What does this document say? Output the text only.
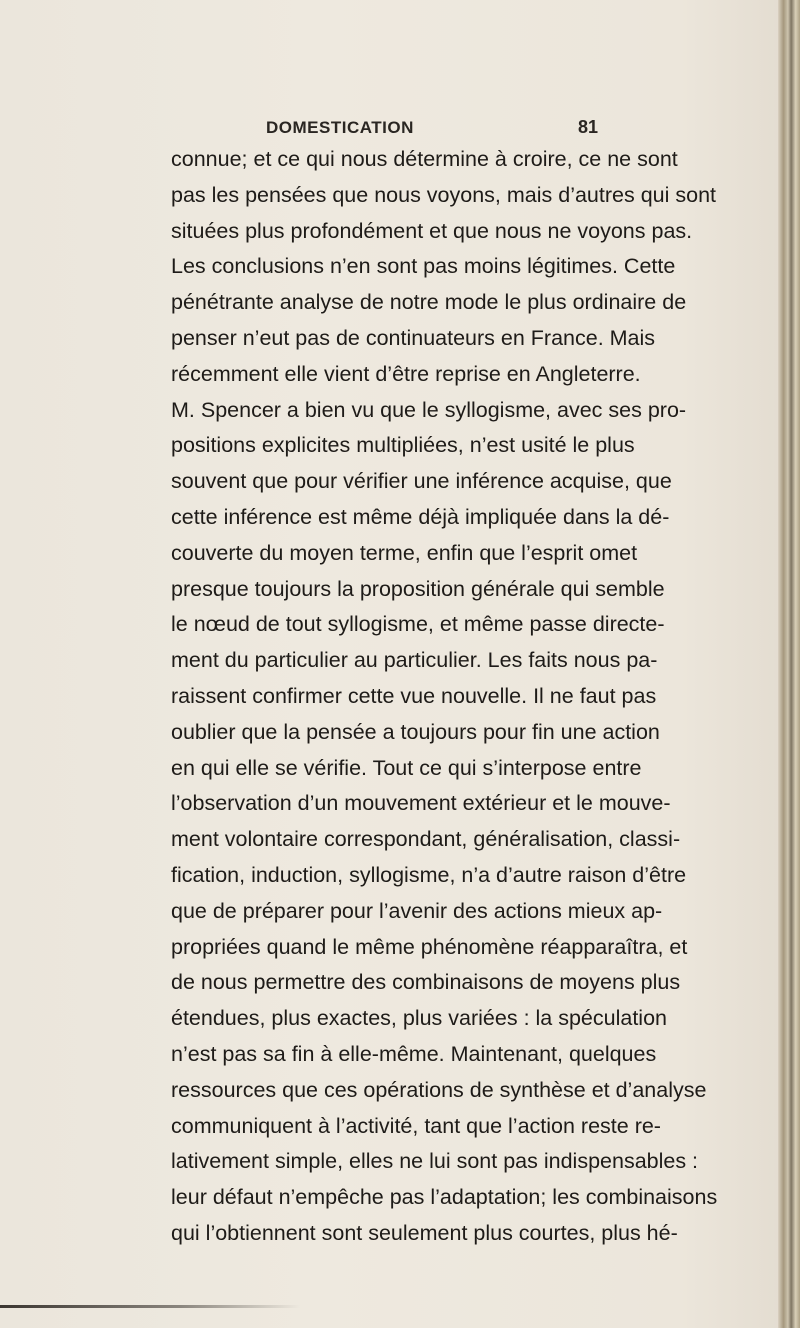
DOMESTICATION	81
connue; et ce qui nous détermine à croire, ce ne sont
pas les pensées que nous voyons, mais d’autres qui sont
situées plus profondément et que nous ne voyons pas.
Les conclusions n’en sont pas moins légitimes. Cette
pénétrante analyse de notre mode le plus ordinaire de
penser n’eut pas de continuateurs en France. Mais
récemment elle vient d’être reprise en Angleterre.
M. Spencer a bien vu que le syllogisme, avec ses pro-
positions explicites multipliées, n’est usité le plus
souvent que pour vérifier une inférence acquise, que
cette inférence est même déjà impliquée dans la dé-
couverte du moyen terme, enfin que l’esprit omet
presque toujours la proposition générale qui semble
le nœud de tout syllogisme, et même passe directe-
ment du particulier au particulier. Les faits nous pa-
raissent confirmer cette vue nouvelle. Il ne faut pas
oublier que la pensée a toujours pour fin une action
en qui elle se vérifie. Tout ce qui s’interpose entre
l’observation d’un mouvement extérieur et le mouve-
ment volontaire correspondant, généralisation, classi-
fication, induction, syllogisme, n’a d’autre raison d’être
que de préparer pour l’avenir des actions mieux ap-
propriées quand le même phénomène réapparaîtra, et
de nous permettre des combinaisons de moyens plus
étendues, plus exactes, plus variées : la spéculation
n’est pas sa fin à elle-même. Maintenant, quelques
ressources que ces opérations de synthèse et d’analyse
communiquent à l’activité, tant que l’action reste re-
lativement simple, elles ne lui sont pas indispensables :
leur défaut n’empêche pas l’adaptation; les combinaisons
qui l’obtiennent sont seulement plus courtes, plus hé-
